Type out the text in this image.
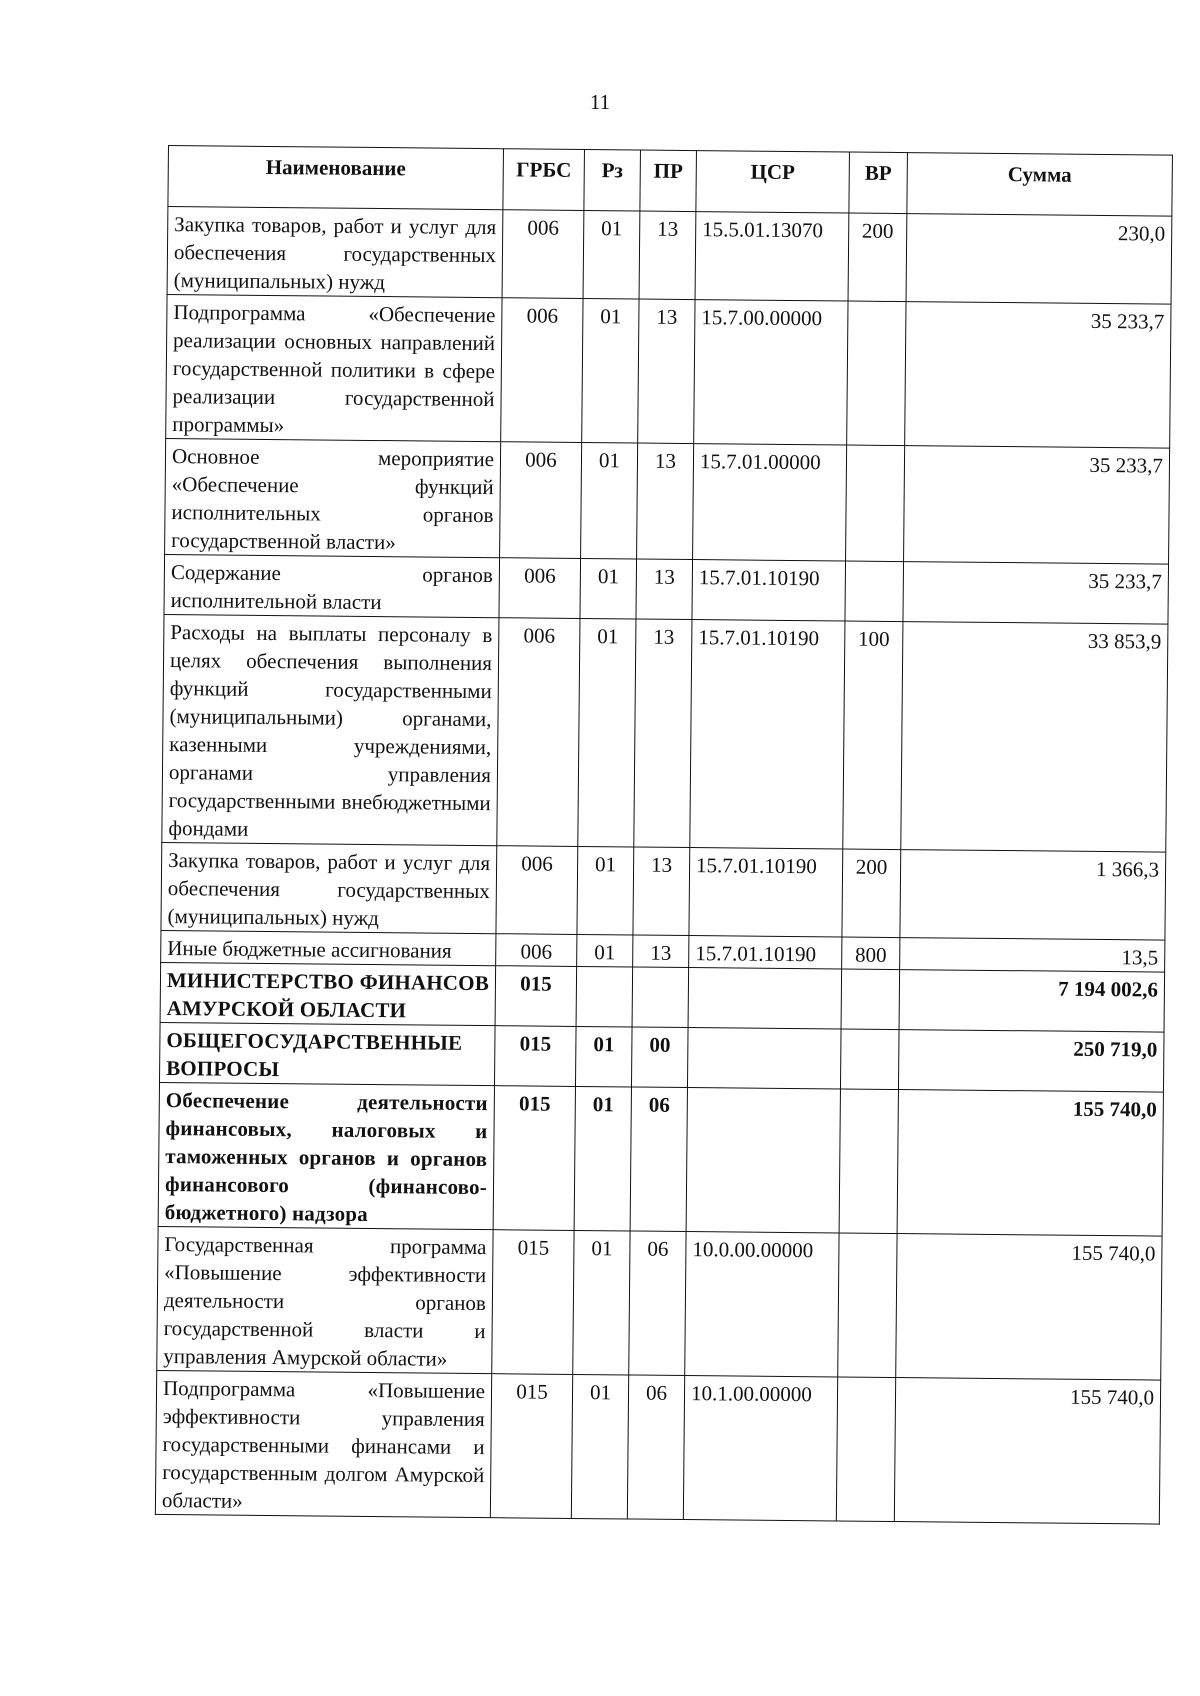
11
Наименование	ГРБС	Рз	ПР	ЦСР	ВР	Сумма
Закупка товаров, работ и услуг для обеспечения государственных (муниципальных) нужд	006	01	13	15.5.01.13070	200	230,0
Подпрограмма «Обеспечение реализации основных направлений государственной политики в сфере реализации государственной программы»	006	01	13	15.7.00.00000		35 233,7
Основное мероприятие «Обеспечение функций исполнительных органов государственной власти»	006	01	13	15.7.01.00000		35 233,7
Содержание органов исполнительной власти	006	01	13	15.7.01.10190		35 233,7
Расходы на выплаты персоналу в целях обеспечения выполнения функций государственными (муниципальными) органами, казенными учреждениями, органами управления государственными внебюджетными фондами	006	01	13	15.7.01.10190	100	33 853,9
Закупка товаров, работ и услуг для обеспечения государственных (муниципальных) нужд	006	01	13	15.7.01.10190	200	1 366,3
Иные бюджетные ассигнования	006	01	13	15.7.01.10190	800	13,5
МИНИСТЕРСТВО ФИНАНСОВ АМУРСКОЙ ОБЛАСТИ	015					7 194 002,6
ОБЩЕГОСУДАРСТВЕННЫЕ ВОПРОСЫ	015	01	00			250 719,0
Обеспечение деятельности финансовых, налоговых и таможенных органов и органов финансового (финансово-бюджетного) надзора	015	01	06			155 740,0
Государственная программа «Повышение эффективности деятельности органов государственной власти и управления Амурской области»	015	01	06	10.0.00.00000		155 740,0
Подпрограмма «Повышение эффективности управления государственными финансами и государственным долгом Амурской области»	015	01	06	10.1.00.00000		155 740,0
